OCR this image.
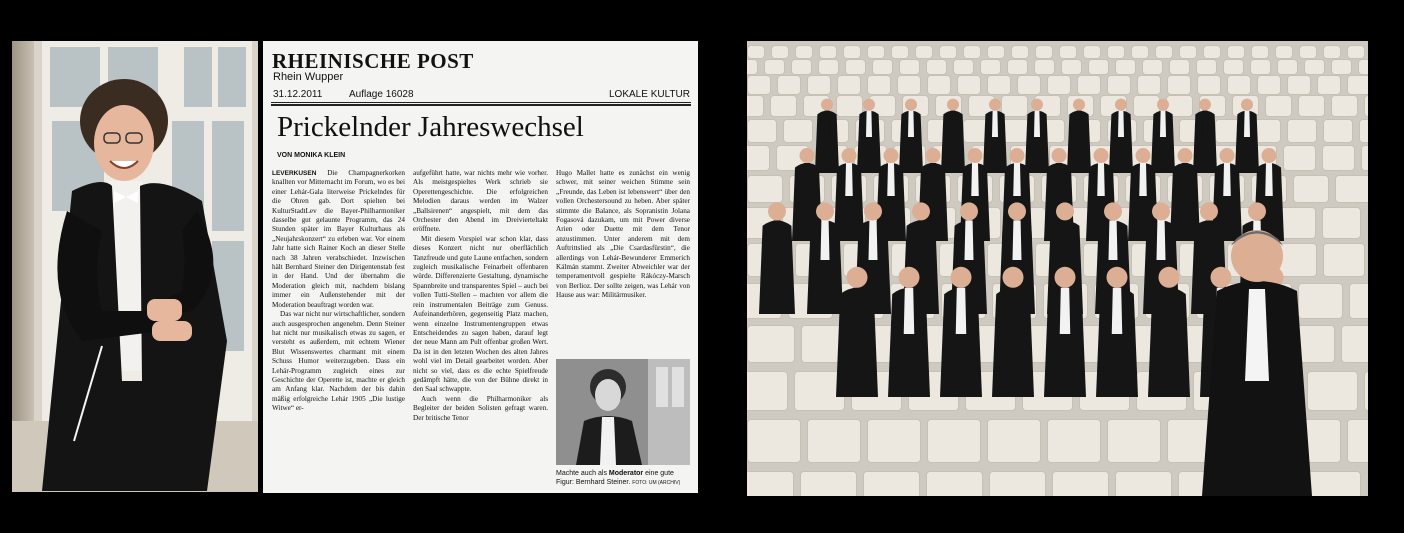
RHEINISCHE POST
Rhein Wupper
31.12.2011	Auflage 16028	LOKALE KULTUR
Prickelnder Jahreswechsel
VON MONIKA KLEIN

LEVERKUSEN Die Champagnerkorken knallten vor Mitternacht im Forum, wo es bei einer Lehár-Gala literweise Prickelndes für die Ohren gab. Dort spielten bei KulturStadtLev die Bayer-Philharmoniker dasselbe gut gelaunte Programm, das 24 Stunden später im Bayer Kulturhaus als „Neujahrskonzert“ zu erleben war. Vor einem Jahr hatte sich Rainer Koch an dieser Stelle nach 38 Jahren verabschiedet. Inzwischen hält Bernhard Steiner den Dirigentenstab fest in der Hand. Und der übernahm die Moderation gleich mit, nachdem bislang immer ein Außenstehender mit der Moderation beauftragt worden war.

Das war nicht nur wirtschaftlicher, sondern auch ausgesprochen angenehm. Denn Steiner hat nicht nur musikalisch etwas zu sagen, er versteht es außerdem, mit echtem Wiener Blut Wissenswertes charmant mit einem Schuss Humor weiterzugeben. Dass ein Lehár-Programm zugleich eines zur Geschichte der Operette ist, machte er gleich am Anfang klar. Nachdem der bis dahin mäßig erfolgreiche Lehár 1905 „Die lustige Witwe“ er-

aufgeführt hatte, war nichts mehr wie vorher. Als meistgespieltes Werk schrieb sie Operettengeschichte. Die erfolgreichen Melodien daraus werden im Walzer „Ballsirenen“ angespielt, mit dem das Orchester den Abend im Dreivierteltakt eröffnete.

Mit diesem Vorspiel war schon klar, dass dieses Konzert nicht nur oberflächlich Tanzfreude und gute Laune entfachen, sondern zugleich musikalische Feinarbeit offenbaren würde. Differenzierte Gestaltung, dynamische Spannbreite und transparentes Spiel – auch bei vollen Tutti-Stellen – machten vor allem die rein instrumentalen Beiträge zum Genuss. Aufeinanderhören, gegenseitig Platz machen, wenn einzelne Instrumentengruppen etwas Entscheidendes zu sagen haben, darauf legt der neue Mann am Pult offenbar großen Wert. Da ist in den letzten Wochen des alten Jahres wohl viel im Detail gearbeitet worden. Aber nicht so viel, dass es die echte Spielfreude gedämpft hätte, die von der Bühne direkt in den Saal schwappte.

Auch wenn die Philharmoniker als Begleiter der beiden Solisten gefragt waren. Der britische Tenor

Hugo Mallet hatte es zunächst ein wenig schwer, mit seiner weichen Stimme sein „Freunde, das Leben ist lebenswert“ über den vollen Orchestersound zu heben. Aber später stimmte die Balance, als Sopranistin Jolana Fogasová dazukam, um mit Power diverse Arien oder Duette mit dem Tenor anzustimmen. Unter anderem mit dem Auftrittslied als „Die Csardasfürstin“, die allerdings von Lehár-Bewunderer Emmerich Kálmán stammt. Zweiter Abweichler war der temperamentvoll gespielte Rákóczy-Marsch von Berlioz. Der sollte zeigen, was Lehár von Hause aus war: Militärmusiker.

Machte auch als Moderator eine gute Figur: Bernhard Steiner. FOTO: UM (ARCHIV)
